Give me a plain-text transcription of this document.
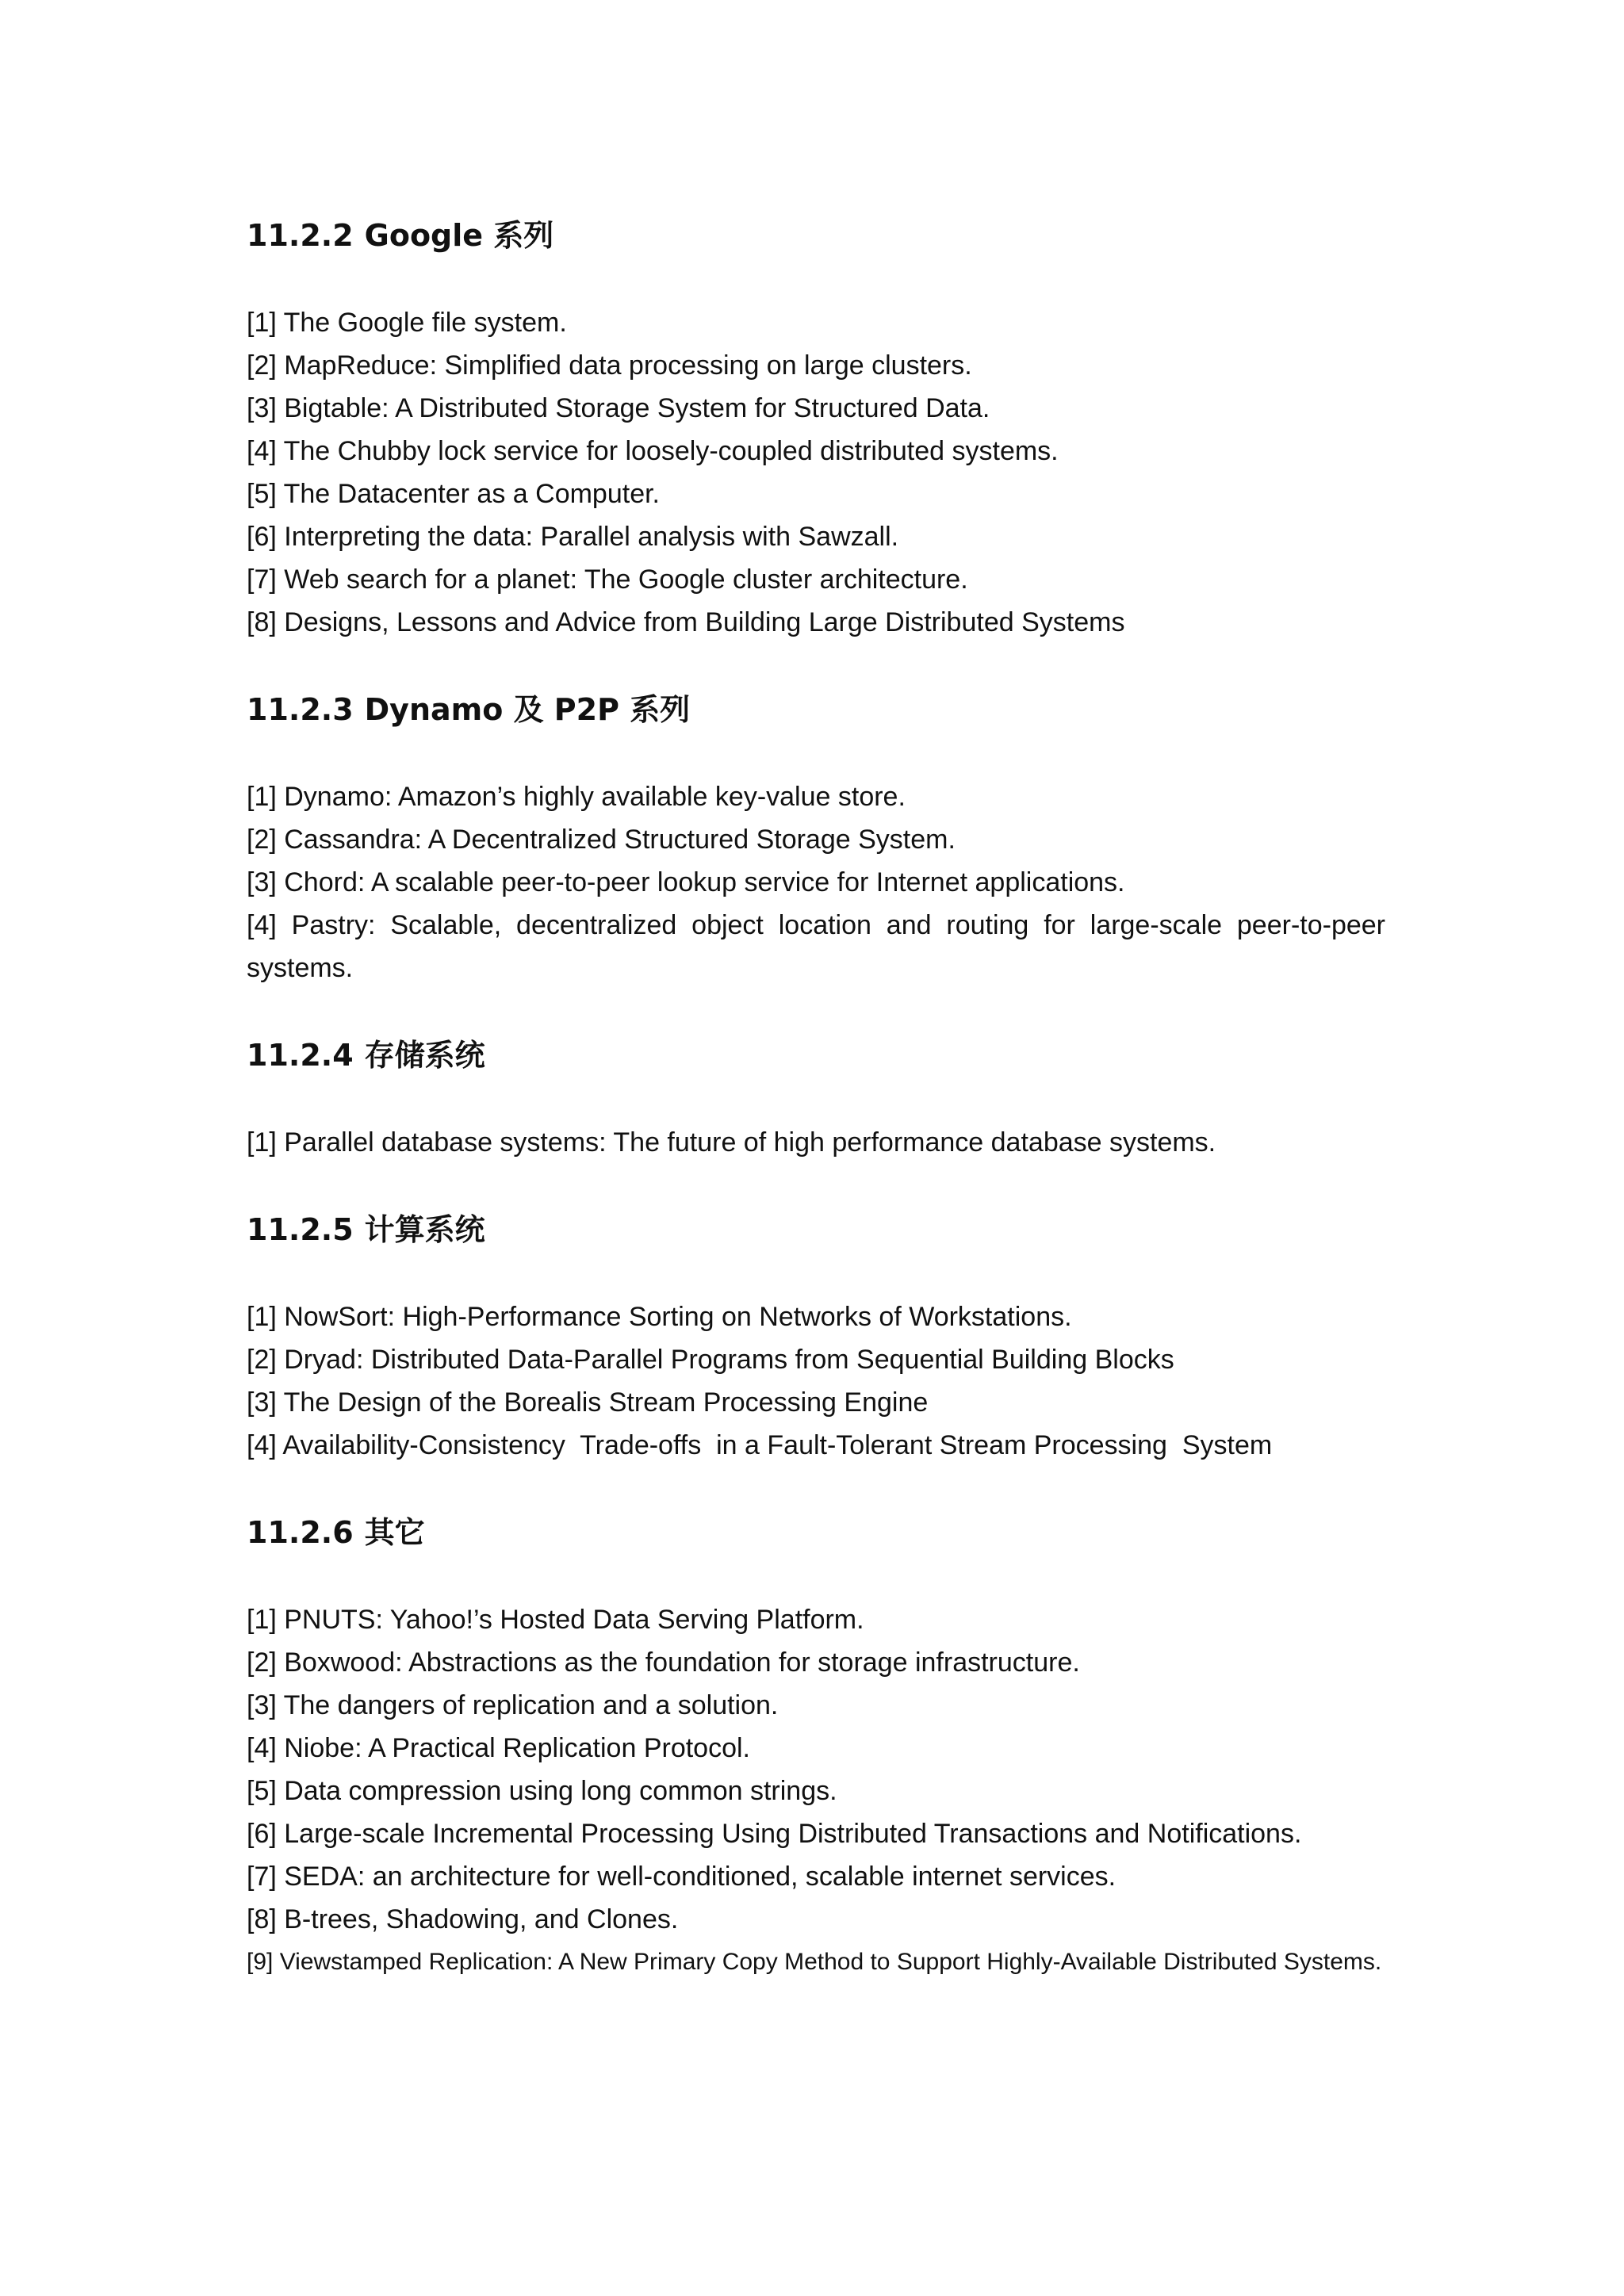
11.2.2 Google 系列
[1] The Google file system.
[2] MapReduce: Simplified data processing on large clusters.
[3] Bigtable: A Distributed Storage System for Structured Data.
[4] The Chubby lock service for loosely-coupled distributed systems.
[5] The Datacenter as a Computer.
[6] Interpreting the data: Parallel analysis with Sawzall.
[7] Web search for a planet: The Google cluster architecture.
[8] Designs, Lessons and Advice from Building Large Distributed Systems
11.2.3 Dynamo 及 P2P 系列
[1] Dynamo: Amazon’s highly available key-value store.
[2] Cassandra: A Decentralized Structured Storage System.
[3] Chord: A scalable peer-to-peer lookup service for Internet applications.
[4] Pastry: Scalable, decentralized object location and routing for large-scale peer-to-peer systems.
11.2.4 存储系统
[1] Parallel database systems: The future of high performance database systems.
11.2.5 计算系统
[1] NowSort: High-Performance Sorting on Networks of Workstations.
[2] Dryad: Distributed Data-Parallel Programs from Sequential Building Blocks
[3] The Design of the Borealis Stream Processing Engine
[4] Availability-Consistency  Trade-offs  in a Fault-Tolerant Stream Processing  System
11.2.6 其它
[1] PNUTS: Yahoo!’s Hosted Data Serving Platform.
[2] Boxwood: Abstractions as the foundation for storage infrastructure.
[3] The dangers of replication and a solution.
[4] Niobe: A Practical Replication Protocol.
[5] Data compression using long common strings.
[6] Large-scale Incremental Processing Using Distributed Transactions and Notifications.
[7] SEDA: an architecture for well-conditioned, scalable internet services.
[8] B-trees, Shadowing, and Clones.
[9] Viewstamped Replication: A New Primary Copy Method to Support Highly-Available Distributed Systems.
